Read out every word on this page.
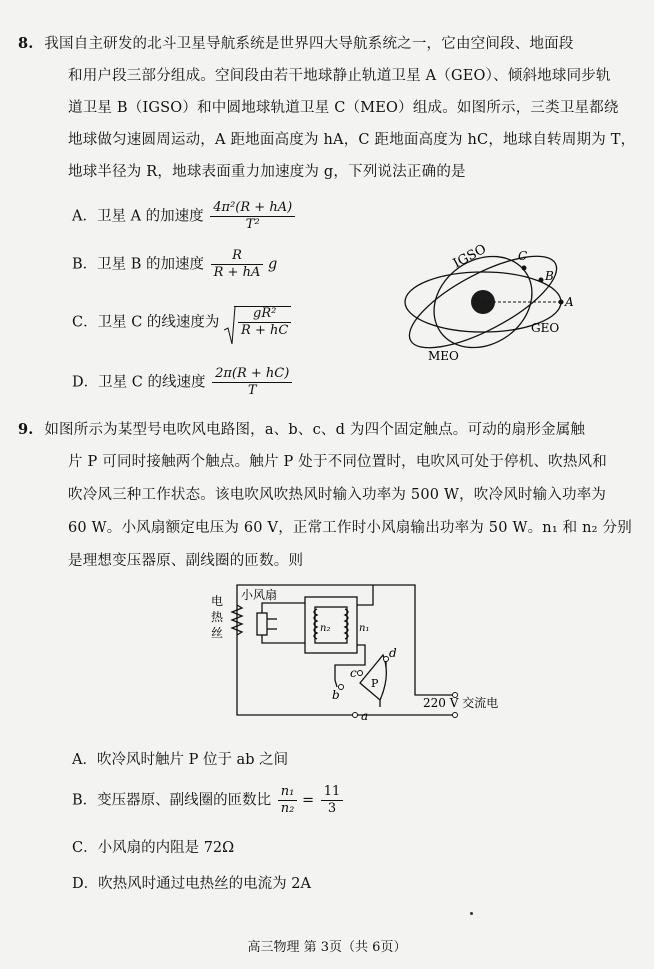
8. 我国自主研发的北斗卫星导航系统是世界四大导航系统之一，它由空间段、地面段
和用户段三部分组成。空间段由若干地球静止轨道卫星 A（GEO）、倾斜地球同步轨
道卫星 B（IGSO）和中圆地球轨道卫星 C（MEO）组成。如图所示，三类卫星都绕
地球做匀速圆周运动，A 距地面高度为 hA，C 距地面高度为 hC，地球自转周期为 T，
地球半径为 R，地球表面重力加速度为 g，下列说法正确的是
A．卫星 A 的加速度 $\frac{\text{4π²(R + hA)}}{\text{T²}}$
B．卫星 B 的加速度 $\frac{R}{R + hA}$ g
C．卫星 C 的线速度为 $\frac{\text{gR²}}{R + hC}$
D．卫星 C 的线速度 $\frac{2\pi(R + hC)}{T}$
IGSO C
B
A
GEO
MEO
9. 如图所示为某型号电吹风电路图，a、b、c、d 为四个固定触点。可动的扇形金属触
片 P 可同时接触两个触点。触片 P 处于不同位置时，电吹风可处于停机、吹热风和
吹冷风三种工作状态。该电吹风吹热风时输入功率为 500 W，吹冷风时输入功率为
60 W。小风扇额定电压为 60 V，正常工作时小风扇输出功率为 50 W。n₁ 和 n₂ 分别
是理想变压器原、副线圈的匝数。则
小风扇
电
热
丝	n₂	n₁
b
c
d
a
P
220 V 交流电
A．吹冷风时触片 P 位于 ab 之间
B．变压器原、副线圈的匝数比 $\frac{\text{n₁}}{\text{n₂}} = \frac{11}{3}$
C．小风扇的内阻是 72Ω
D．吹热风时通过电热丝的电流为 2A
高三物理 第 3页（共 6页）
